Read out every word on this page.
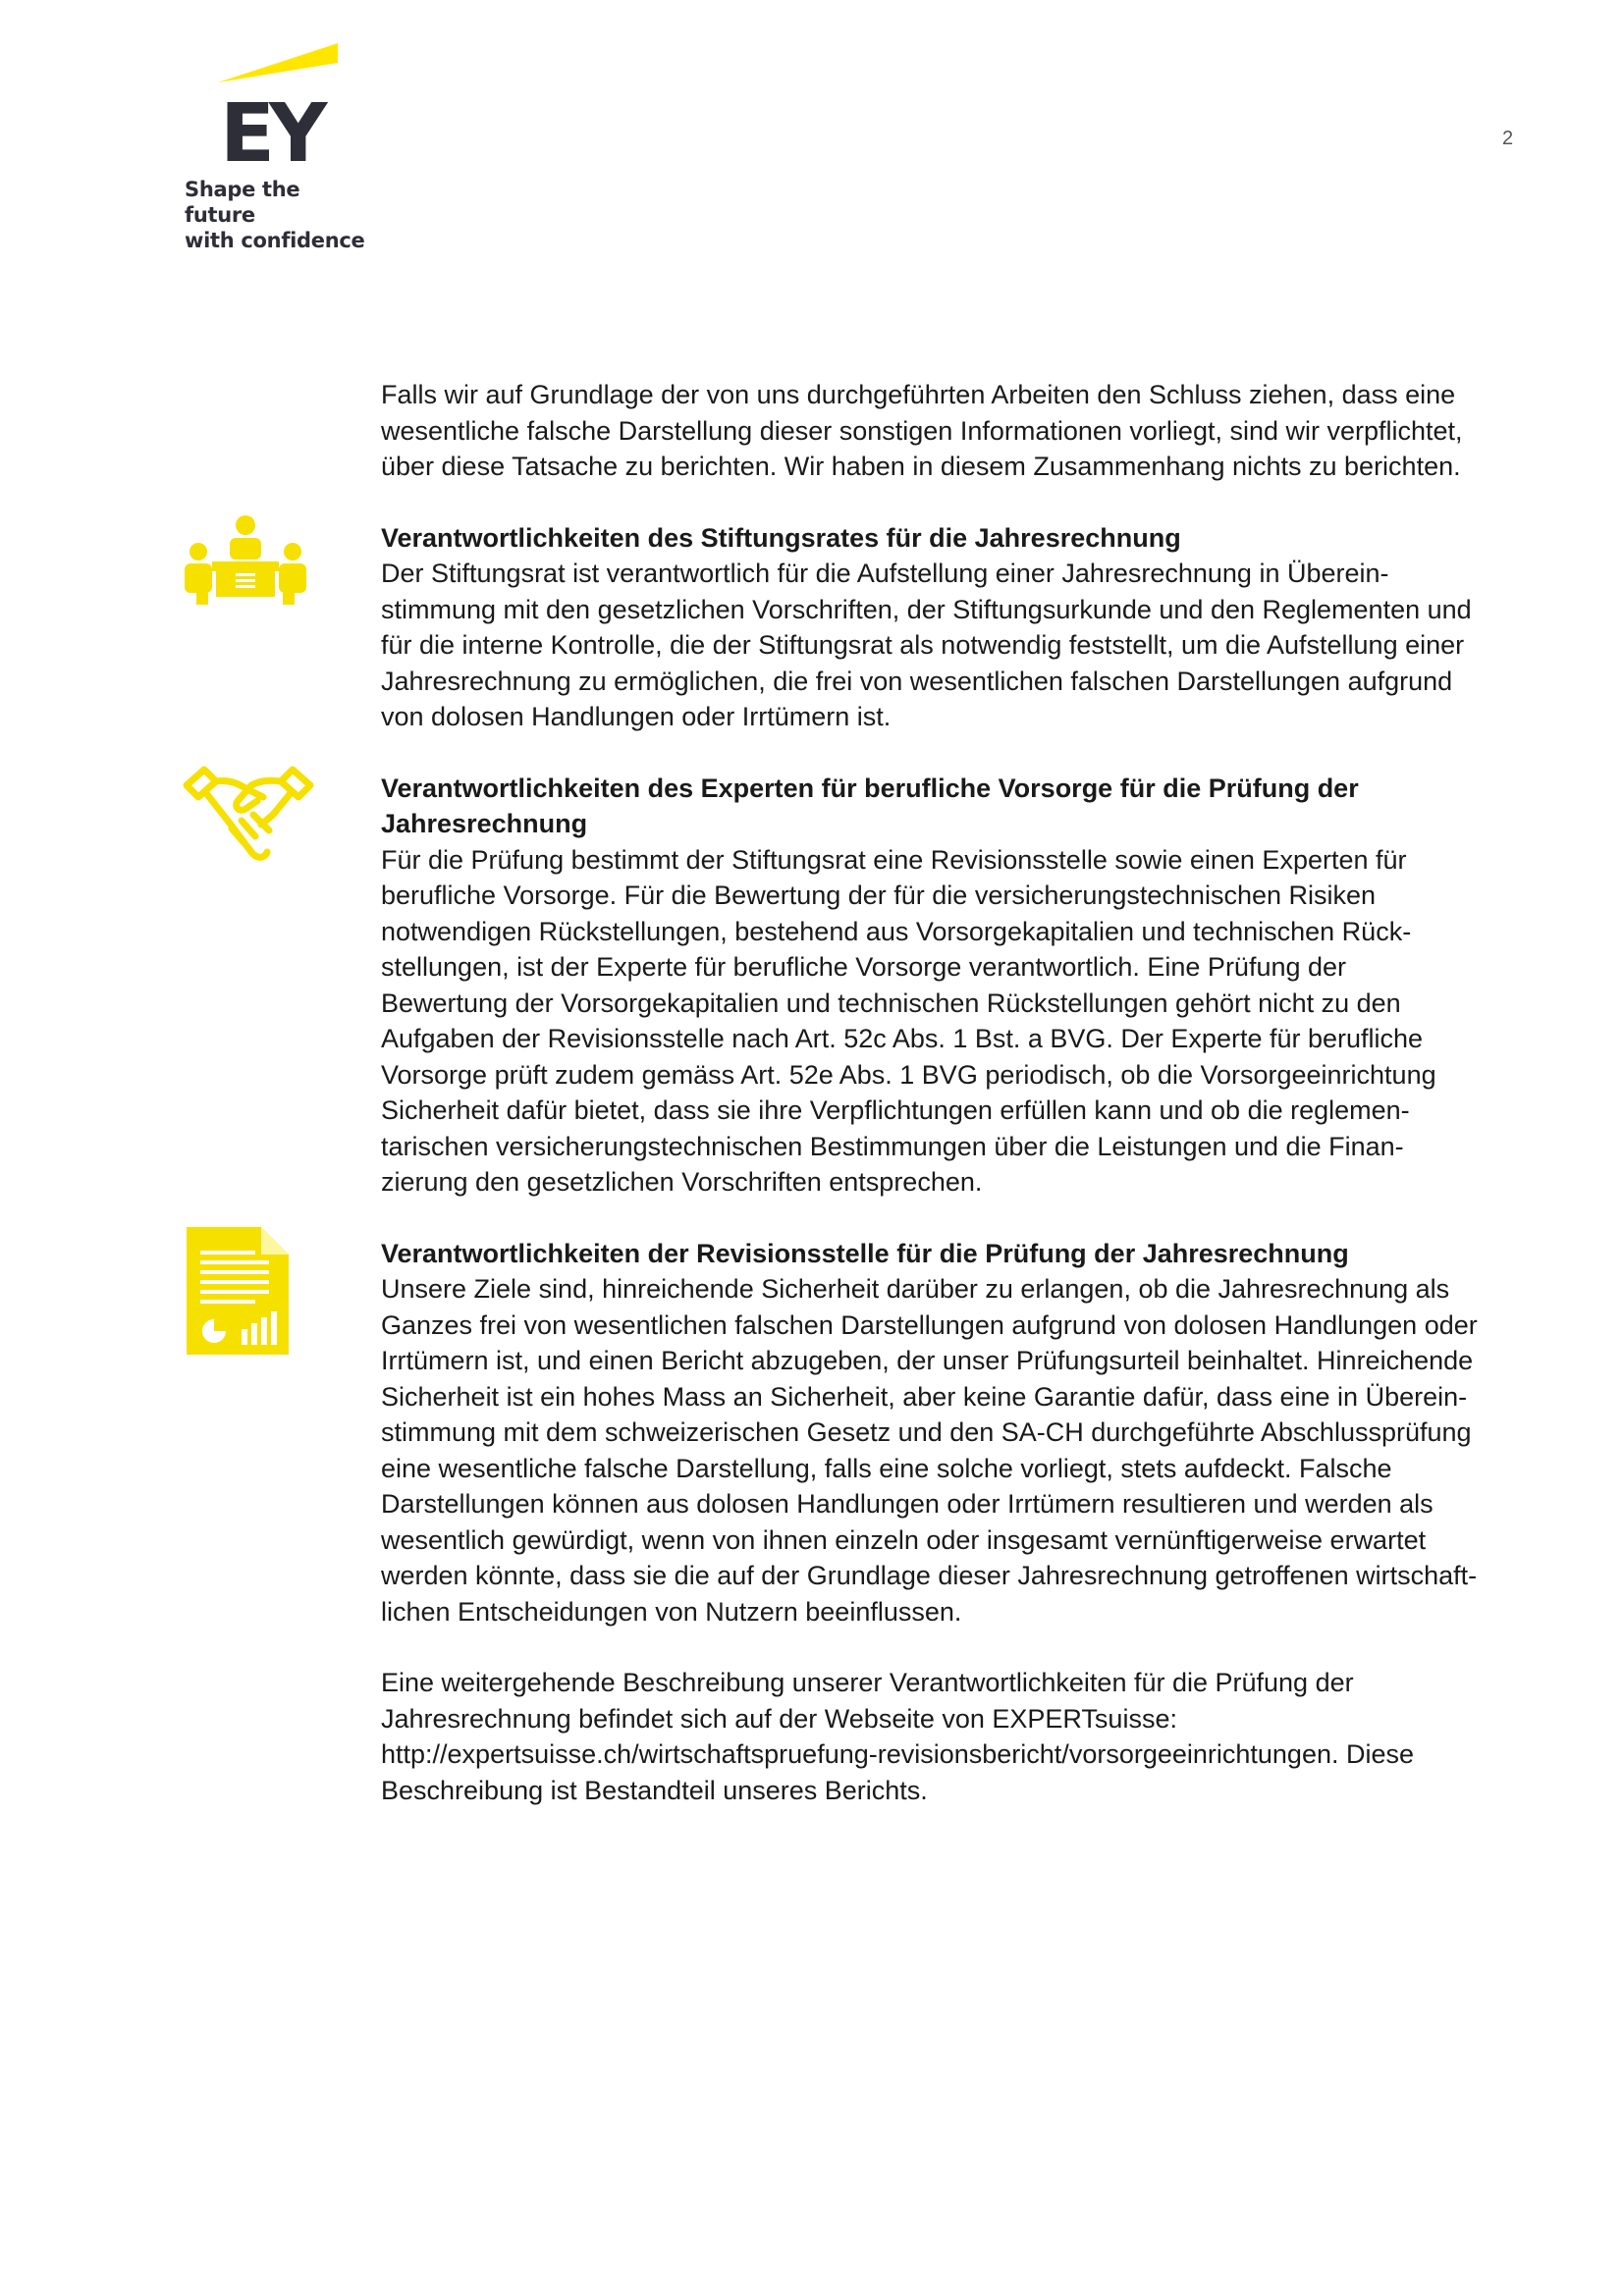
EY
Shape the future
with confidence
2
Falls wir auf Grundlage der von uns durchgeführten Arbeiten den Schluss ziehen, dass eine
wesentliche falsche Darstellung dieser sonstigen Informationen vorliegt, sind wir verpflichtet,
über diese Tatsache zu berichten. Wir haben in diesem Zusammenhang nichts zu berichten.
Verantwortlichkeiten des Stiftungsrates für die Jahresrechnung
Der Stiftungsrat ist verantwortlich für die Aufstellung einer Jahresrechnung in Überein-
stimmung mit den gesetzlichen Vorschriften, der Stiftungsurkunde und den Reglementen und
für die interne Kontrolle, die der Stiftungsrat als notwendig feststellt, um die Aufstellung einer
Jahresrechnung zu ermöglichen, die frei von wesentlichen falschen Darstellungen aufgrund
von dolosen Handlungen oder Irrtümern ist.
Verantwortlichkeiten des Experten für berufliche Vorsorge für die Prüfung der
Jahresrechnung
Für die Prüfung bestimmt der Stiftungsrat eine Revisionsstelle sowie einen Experten für
berufliche Vorsorge. Für die Bewertung der für die versicherungstechnischen Risiken
notwendigen Rückstellungen, bestehend aus Vorsorgekapitalien und technischen Rück-
stellungen, ist der Experte für berufliche Vorsorge verantwortlich. Eine Prüfung der
Bewertung der Vorsorgekapitalien und technischen Rückstellungen gehört nicht zu den
Aufgaben der Revisionsstelle nach Art. 52c Abs. 1 Bst. a BVG. Der Experte für berufliche
Vorsorge prüft zudem gemäss Art. 52e Abs. 1 BVG periodisch, ob die Vorsorgeeinrichtung
Sicherheit dafür bietet, dass sie ihre Verpflichtungen erfüllen kann und ob die reglemen-
tarischen versicherungstechnischen Bestimmungen über die Leistungen und die Finan-
zierung den gesetzlichen Vorschriften entsprechen.
Verantwortlichkeiten der Revisionsstelle für die Prüfung der Jahresrechnung
Unsere Ziele sind, hinreichende Sicherheit darüber zu erlangen, ob die Jahresrechnung als
Ganzes frei von wesentlichen falschen Darstellungen aufgrund von dolosen Handlungen oder
Irrtümern ist, und einen Bericht abzugeben, der unser Prüfungsurteil beinhaltet. Hinreichende
Sicherheit ist ein hohes Mass an Sicherheit, aber keine Garantie dafür, dass eine in Überein-
stimmung mit dem schweizerischen Gesetz und den SA-CH durchgeführte Abschlussprüfung
eine wesentliche falsche Darstellung, falls eine solche vorliegt, stets aufdeckt. Falsche
Darstellungen können aus dolosen Handlungen oder Irrtümern resultieren und werden als
wesentlich gewürdigt, wenn von ihnen einzeln oder insgesamt vernünftigerweise erwartet
werden könnte, dass sie die auf der Grundlage dieser Jahresrechnung getroffenen wirtschaft-
lichen Entscheidungen von Nutzern beeinflussen.
Eine weitergehende Beschreibung unserer Verantwortlichkeiten für die Prüfung der
Jahresrechnung befindet sich auf der Webseite von EXPERTsuisse:
http://expertsuisse.ch/wirtschaftspruefung-revisionsbericht/vorsorgeeinrichtungen. Diese
Beschreibung ist Bestandteil unseres Berichts.
